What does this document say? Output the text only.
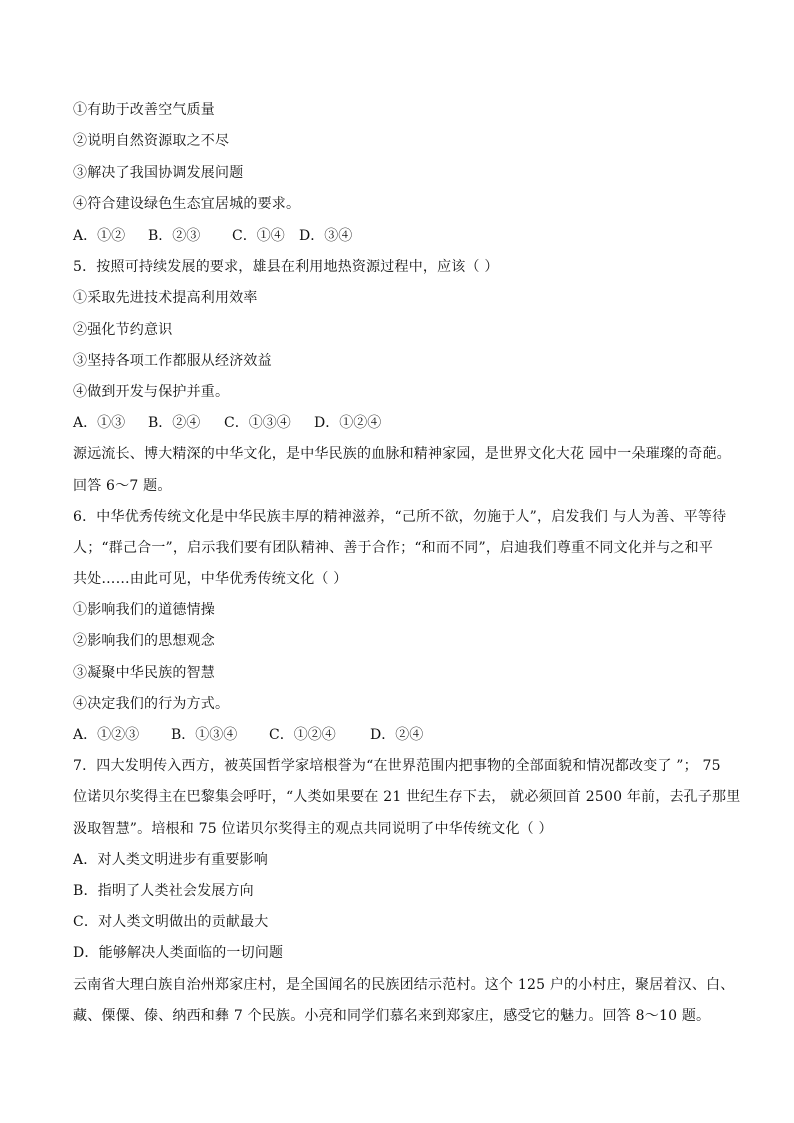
①有助于改善空气质量
②说明自然资源取之不尽
③解决了我国协调发展问题
④符合建设绿色生态宜居城的要求。
A．①② B．②③ C．①④ D．③④
5．按照可持续发展的要求，雄县在利用地热资源过程中，应该（ ）
①采取先进技术提高利用效率
②强化节约意识
③坚持各项工作都服从经济效益
④做到开发与保护并重。
A．①③ B．②④ C．①③④ D．①②④
源远流长、博大精深的中华文化，是中华民族的血脉和精神家园，是世界文化大花 园中一朵璀璨的奇葩。
回答 6～7 题。
6．中华优秀传统文化是中华民族丰厚的精神滋养，“己所不欲，勿施于人”，启发我们 与人为善、平等待
人；“群己合一”，启示我们要有团队精神、善于合作；“和而不同”，启迪我们尊重不同文化并与之和平
共处……由此可见，中华优秀传统文化（ ）
①影响我们的道德情操
②影响我们的思想观念
③凝聚中华民族的智慧
④决定我们的行为方式。
A．①②③ B．①③④ C．①②④ D．②④
7．四大发明传入西方，被英国哲学家培根誉为“在世界范围内把事物的全部面貌和情况都改变了 ”； 75
位诺贝尔奖得主在巴黎集会呼吁，“人类如果要在 21 世纪生存下去， 就必须回首 2500 年前，去孔子那里
汲取智慧”。培根和 75 位诺贝尔奖得主的观点共同说明了中华传统文化（ ）
A．对人类文明进步有重要影响
B．指明了人类社会发展方向
C．对人类文明做出的贡献最大
D．能够解决人类面临的一切问题
云南省大理白族自治州郑家庄村，是全国闻名的民族团结示范村。这个 125 户的小村庄，聚居着汉、白、
藏、傈僳、傣、纳西和彝 7 个民族。小亮和同学们慕名来到郑家庄，感受它的魅力。回答 8～10 题。
